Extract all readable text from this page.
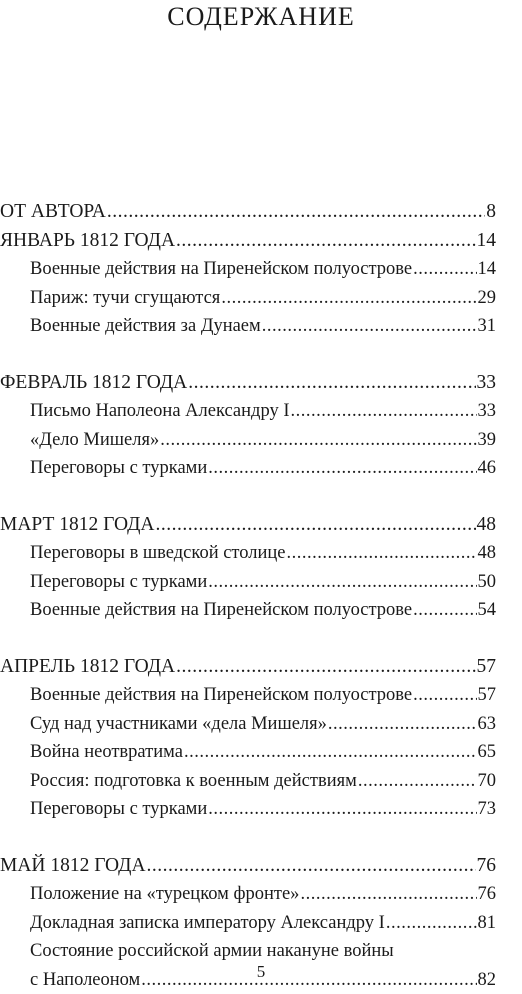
СОДЕРЖАНИЕ
ОТ АВТОРА .....	8
ЯНВАРЬ 1812 ГОДА .....	14
Военные действия на Пиренейском полуострове .....	14
Париж: тучи сгущаются .....	29
Военные действия за Дунаем .....	31
ФЕВРАЛЬ 1812 ГОДА .....	33
Письмо Наполеона Александру I .....	33
«Дело Мишеля» .....	39
Переговоры с турками .....	46
МАРТ 1812 ГОДА .....	48
Переговоры в шведской столице .....	48
Переговоры с турками .....	50
Военные действия на Пиренейском полуострове .....	54
АПРЕЛЬ 1812 ГОДА .....	57
Военные действия на Пиренейском полуострове .....	57
Суд над участниками «дела Мишеля» .....	63
Война неотвратима .....	65
Россия: подготовка к военным действиям .....	70
Переговоры с турками .....	73
МАЙ 1812 ГОДА .....	76
Положение на «турецком фронте» .....	76
Докладная записка императору Александру I .....	81
Состояние российской армии накануне войны
с Наполеоном .....	82
5
